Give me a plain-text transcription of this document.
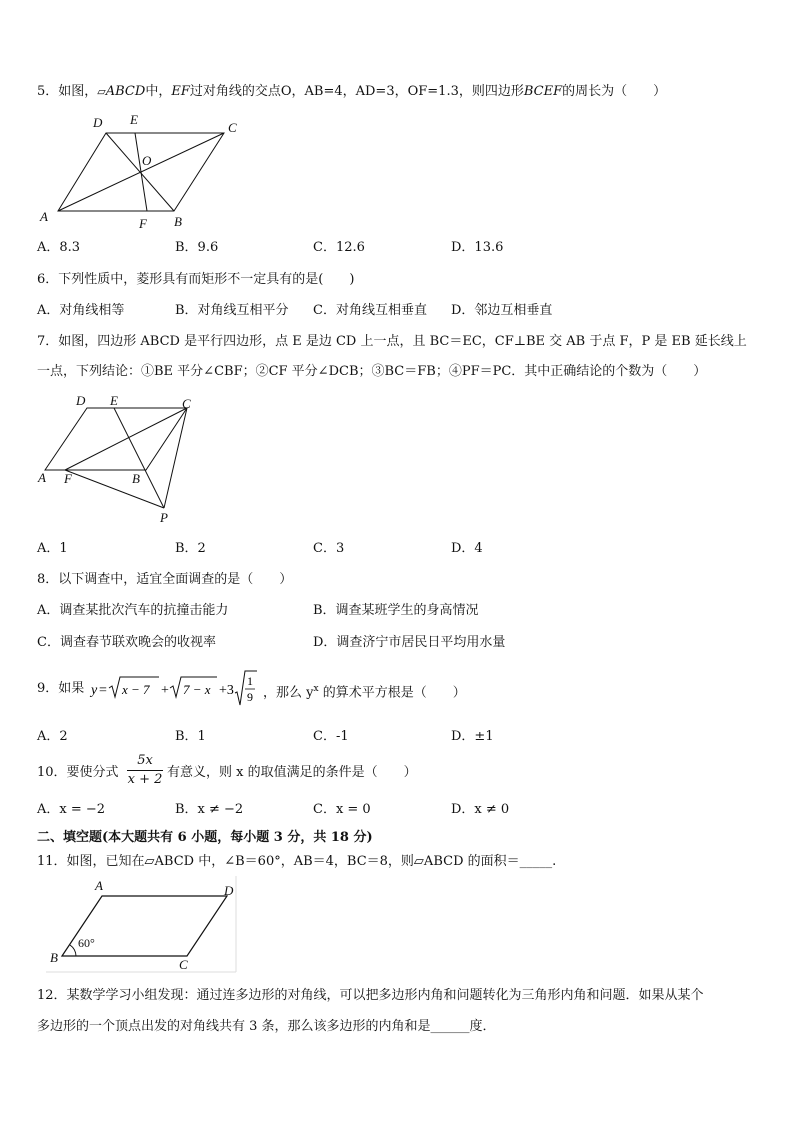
5．如图，▱ABCD中，EF过对角线的交点O，AB=4，AD=3，OF=1.3，则四边形BCEF的周长为（　　）
D E
C
O
A	F B
A．8.3	B．9.6	C．12.6	D．13.6
6．下列性质中，菱形具有而矩形不一定具有的是(　　)
A．对角线相等	B．对角线互相平分 C．对角线互相垂直 D．邻边互相垂直
7．如图，四边形 ABCD 是平行四边形，点 E 是边 CD 上一点，且 BC＝EC，CF⊥BE 交 AB 于点 F，P 是 EB 延长线上
一点，下列结论：①BE 平分∠CBF；②CF 平分∠DCB；③BC＝FB；④PF＝PC．其中正确结论的个数为（　　）
D E	C
A F	B
P
A．1	B．2	C．3	D．4
8．以下调查中，适宜全面调查的是（　　）
A．调查某批次汽车的抗撞击能力	B．调查某班学生的身高情况
C．调查春节联欢晚会的收视率	D．调查济宁市居民日平均用水量
9．如果 y = x − 7 + 7 − x +3
1
9 ，那么 $y^x$ 的算术平方根是（　　）
A．2	B．1	C．-1	D．±1
10．要使分式
5x
x + 2 有意义，则 x 的取值满足的条件是（　　）
A．x = −2	B．x ≠ −2	C．x = 0	D．x ≠ 0
二、填空题(本大题共有 6 小题，每小题 3 分，共 18 分)
11．如图，已知在▱ABCD 中，∠B＝60°，AB＝4，BC＝8，则▱ABCD 的面积＝_____.
A	D
B	C
60°
12．某数学学习小组发现：通过连多边形的对角线，可以把多边形内角和问题转化为三角形内角和问题．如果从某个
多边形的一个顶点出发的对角线共有 3 条，那么该多边形的内角和是______度．
